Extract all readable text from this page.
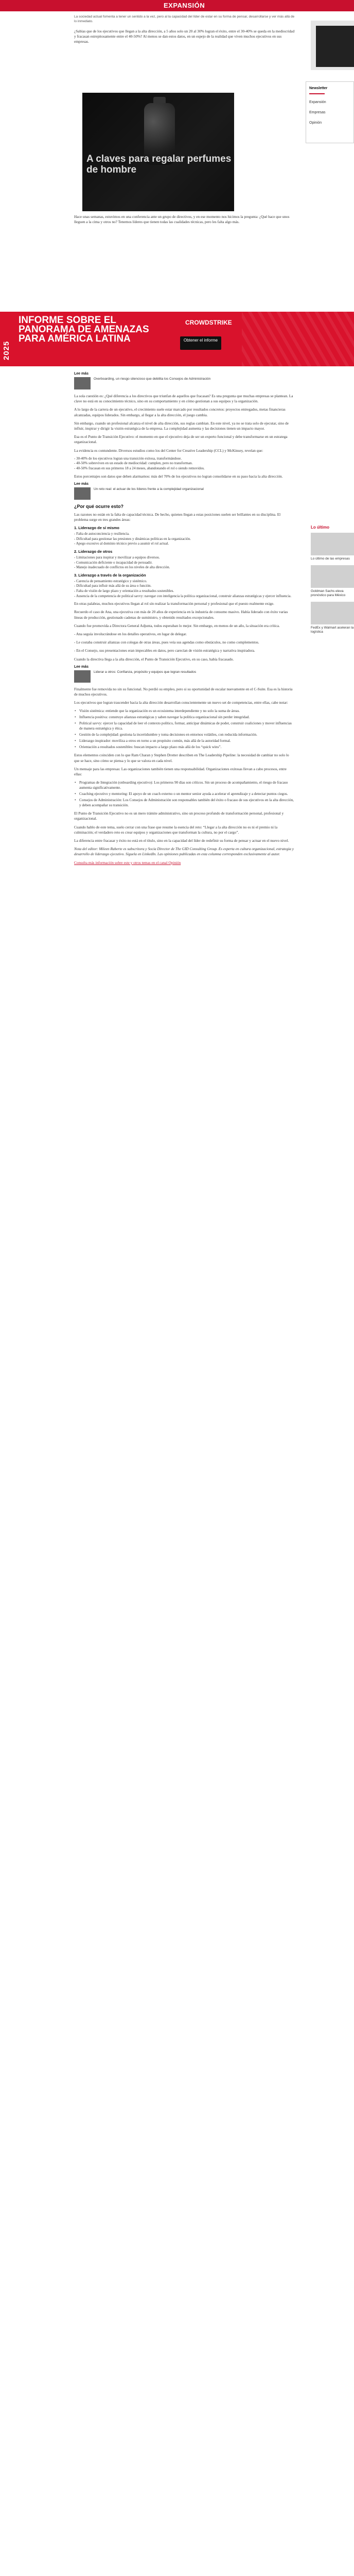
EXPANSIÓN
Newsletter
Expansión
Empresas
Opinión
Lo último
Lo último de las empresas
Goldman Sachs eleva pronóstico para México
FedEx y Walmart aceleran la logística
A claves para regalar perfumes de hombre
2025
INFORME SOBRE EL PANORAMA DE AMENAZAS PARA AMÉRICA LATINA
CROWDSTRIKE
Obtener el informe
La sociedad actual fomenta a tener un sentido a la vez, pero al la capacidad del líder de estar en su forma de pensar, desarrollarse y ver más allá de lo inmediato.

¿Sabías que de los ejecutivos que llegan a la alta dirección, a 5 años solo un 20 al 30% logran el éxito, entre el 30-40% se queda en la mediocridad y fracasan estrepitosamente entre el 40-50%? Al menos se dan estos datos, en un espejo de la realidad que viven muchos ejecutivos en sus empresas.

Hace unas semanas, estuvimos en una conferencia ante un grupo de directivos, y en ese momento nos hicimos la pregunta: ¿Qué hace que unos lleguen a la cima y otros no? Tenemos líderes que tienen todas las cualidades técnicas, pero les falta algo más.

Lee más
Overboarding, un riesgo silencioso que debilita los Consejos de Administración

La sola cuestión es: ¿Qué diferencia a los directivos que triunfan de aquellos que fracasan? Es una pregunta que muchas empresas se plantean. La clave no está en su conocimiento técnico, sino en su comportamiento y en cómo gestionan a sus equipos y la organización.

A lo largo de la carrera de un ejecutivo, el crecimiento suele estar marcado por resultados concretos: proyectos entregados, metas financieras alcanzadas, equipos liderados. Sin embargo, al llegar a la alta dirección, el juego cambia.

Sin embargo, cuando un profesional alcanza el nivel de alta dirección, sus reglas cambian. En este nivel, ya no se trata solo de ejecutar, sino de influir, inspirar y dirigir la visión estratégica de la empresa. La complejidad aumenta y las decisiones tienen un impacto mayor.

Esa es el Punto de Transición Ejecutivo: el momento en que el ejecutivo deja de ser un experto funcional y debe transformarse en un estratega organizacional.

La evidencia es contundente. Diversos estudios como los del Center for Creative Leadership (CCL) y McKinsey, revelan que:

- 30-40% de los ejecutivos logran una transición exitosa, transformándose.
- 40-50% sobreviven en un estado de mediocridad: cumplen, pero no transforman.
- 40-50% fracasan en sus primeros 18 a 24 meses, abandonando el rol o siendo removidos.

Estos porcentajes son datos que deben alarmarnos: más del 70% de los ejecutivos no logran consolidarse en su paso hacia la alta dirección.

Lee más
Un reto real: el actuar de los líderes frente a la complejidad organizacional
¿Por qué ocurre esto?

Las razones no están en la falta de capacidad técnica. De hecho, quienes llegan a estas posiciones suelen ser brillantes en su disciplina. El problema surge en tres grandes áreas:

1. Liderazgo de sí mismo
- Falta de autoconciencia y resiliencia.
- Dificultad para gestionar las presiones y dinámicas políticas en la organización.
- Apego excesivo al dominio técnico previo a asumir el rol actual.
2. Liderazgo de otros
- Limitaciones para inspirar y movilizar a equipos diversos.
- Comunicación deficiente o incapacidad de persuadir.
- Manejo inadecuado de conflictos en los niveles de alta dirección.
3. Liderazgo a través de la organización
- Carencia de pensamiento estratégico y sistémico.
- Dificultad para influir más allá de su área o función.
- Falta de visión de largo plazo y orientación a resultados sostenibles.
- Ausencia de la competencia de political savvy: navegar con inteligencia la política organizacional, construir alianzas estratégicas y ejercer influencia.

En otras palabras, muchos ejecutivos llegan al rol sin realizar la transformación personal y profesional que el puesto realmente exige.

Recuerdo el caso de Ana, una ejecutiva con más de 20 años de experiencia en la industria de consumo masivo. Había liderado con éxito varias líneas de producción, gestionado cadenas de suministro, y obtenido resultados excepcionales.

Cuando fue promovida a Directora General Adjunta, todos esperaban lo mejor. Sin embargo, en menos de un año, la situación era crítica.

- Ana seguía involucrándose en los detalles operativos, en lugar de delegar.

- Le costaba construir alianzas con colegas de otras áreas, pues veía sus agendas como obstáculos, no como complementos.

- En el Consejo, sus presentaciones eran impecables en datos, pero carecían de visión estratégica y narrativa inspiradora.

Cuando la directiva llega a la alta dirección, el Punto de Transición Ejecutivo, en su caso, había fracasado.

Lee más
Liderar a otros: Confianza, propósito y equipos que logran resultados

Finalmente fue removida no sin su funcional. No perdió su empleo, pero si su oportunidad de escalar nuevamente en el C-Suite. Esa es la historia de muchos ejecutivos.

Los ejecutivos que logran trascender hacia la alta dirección desarrollan conscientemente un nuevo set de competencias, entre ellas, cabe notar:

• Visión sistémica: entiende que la organización es un ecosistema interdependiente y no solo la suma de áreas.
• Influencia positiva: construye alianzas estratégicas y saben navegar la política organizacional sin perder integridad.
• Political savvy: ejercer la capacidad de leer el contexto político, formar, anticipar dinámicas de poder, construir coaliciones y mover influencias de manera estratégica y ética.
• Gestión de la complejidad: gestiona la incertidumbre y toma decisiones en entornos volátiles, con reducida información.
• Liderazgo inspirador: moviliza a otros en torno a un propósito común, más allá de la autoridad formal.
• Orientación a resultados sostenibles: buscan impacto a largo plazo más allá de los “quick wins”.

Estos elementos coinciden con lo que Ram Charan y Stephen Drotter describen en The Leadership Pipeline: la necesidad de cambiar no solo lo que se hace, sino cómo se piensa y lo que se valora en cada nivel.

Un mensaje para las empresas: Las organizaciones también tienen una responsabilidad. Organizaciones exitosas llevan a cabo procesos, entre ellas:

• Programas de Integración (onboarding ejecutivo): Los primeros 90 días son críticos. Sin un proceso de acompañamiento, el riesgo de fracaso aumenta significativamente.
• Coaching ejecutivo y mentoring: El apoyo de un coach externo o un mentor senior ayuda a acelerar el aprendizaje y a detectar puntos ciegos.
• Consejos de Administración: Los Consejos de Administración son responsables también del éxito o fracaso de sus ejecutivos en la alta dirección, y deben acompañar su transición.

El Punto de Transición Ejecutivo no es un mero trámite administrativo, sino un proceso profundo de transformación personal, profesional y organizacional.

Cuando hablo de este tema, suelo cerrar con una frase que resume la esencia del reto: “Llegar a la alta dirección no es ni el premio ni la culminación; el verdadero reto es crear equipos y organizaciones que transforman la cultura, no por el cargo”.

La diferencia entre fracasar y éxito no está en el título, sino en la capacidad del líder de redefinir su forma de pensar y actuar en el nuevo nivel.

Nota del editor: Mileen Raberte es subscritora y Socia Director de The GID Consulting Group. Es experta en cultura organizacional, estrategia y desarrollo de liderazgo ejecutivo. Síguela en LinkedIn. Las opiniones publicadas en esta columna corresponden exclusivamente al autor.

Consulta más información sobre este y otros temas en el canal Opinión
